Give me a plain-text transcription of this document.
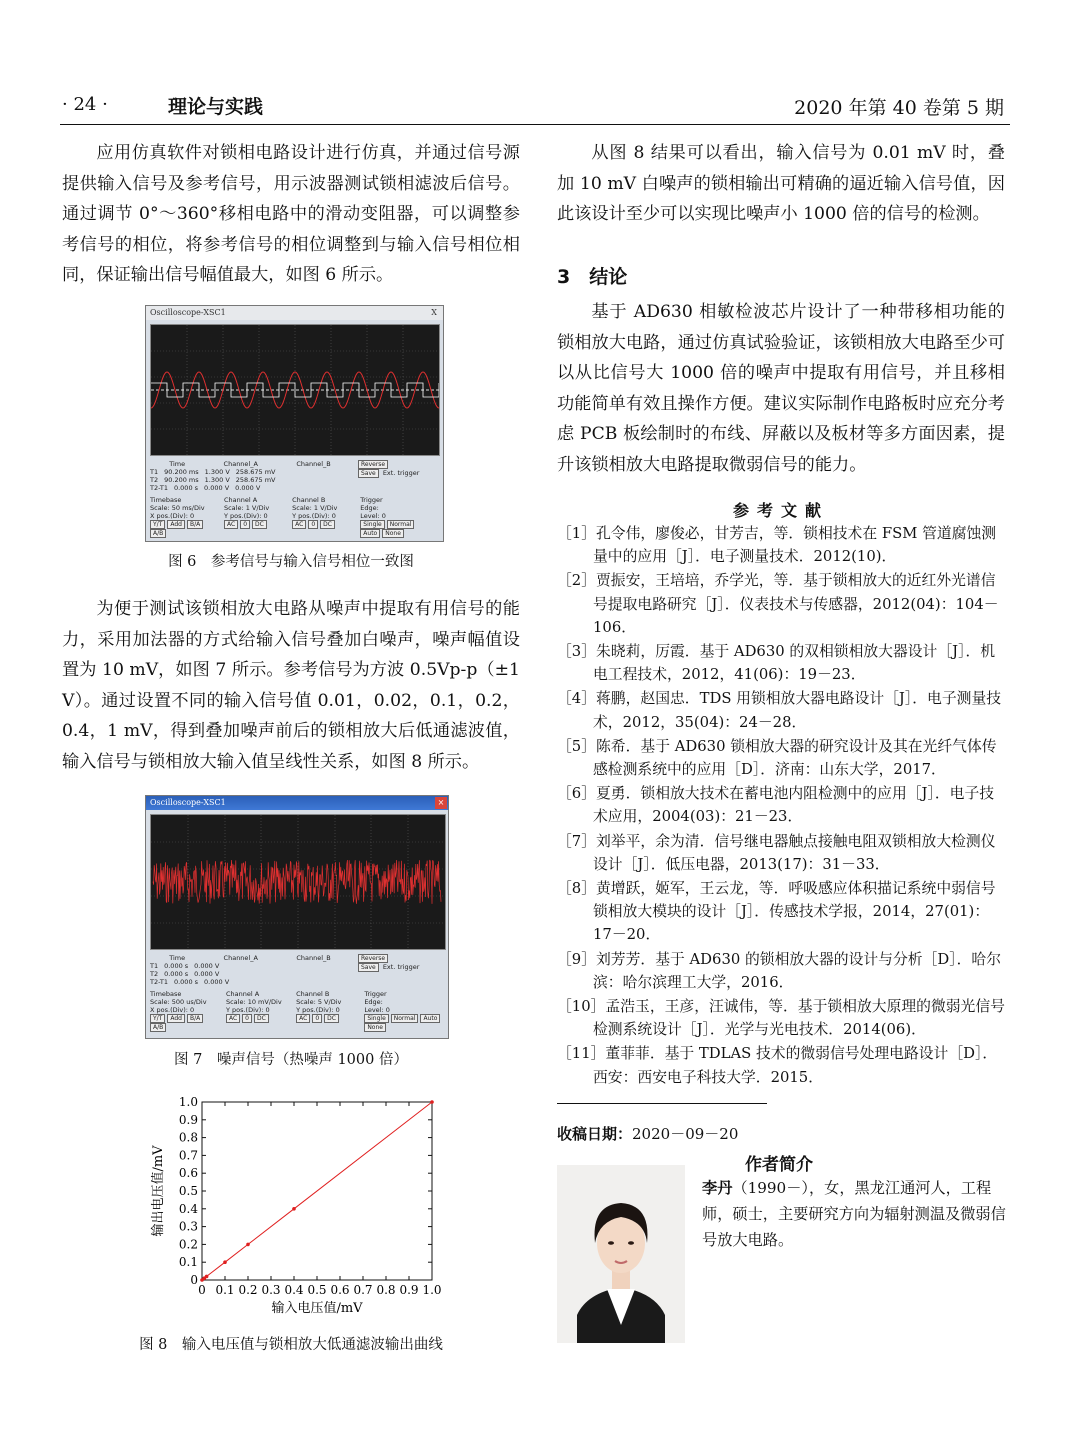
· 24 ·	理论与实践	2020 年第 40 卷第 5 期

应用仿真软件对锁相电路设计进行仿真，并通过信号源提供输入信号及参考信号，用示波器测试锁相滤波后信号。通过调节 0°～360°移相电路中的滑动变阻器，可以调整参考信号的相位，将参考信号的相位调整到与输入信号相位相同，保证输出信号幅值最大，如图 6 所示。

Oscilloscope-XSC1	X
Time	Channel_A	Channel_B
T1 90.200 ms 1.300 V 258.675 mV
T2 90.200 ms 1.300 V 258.675 mV
T2-T1 0.000 s 0.000 V 0.000 V
Reverse
Save Ext. trigger
Timebase
Scale: 50 ms/Div
X pos.(Div): 0
Y/T Add B/AA/B
Channel A
Scale: 1 V/Div
Y pos.(Div): 0
AC 0 DC
Channel B
Scale: 1 V/Div
Y pos.(Div): 0
AC 0 DC
Trigger
Edge:
Level: 0
Single NormalAuto None
图 6　参考信号与输入信号相位一致图

为便于测试该锁相放大电路从噪声中提取有用信号的能力，采用加法器的方式给输入信号叠加白噪声，噪声幅值设置为 10 mV，如图 7 所示。参考信号为方波 0.5Vp-p（±1 V）。通过设置不同的输入信号值 0.01，0.02，0.1，0.2，0.4，1 mV，得到叠加噪声前后的锁相放大后低通滤波值，输入信号与锁相放大输入值呈线性关系，如图 8 所示。

Oscilloscope-XSC1	×
Time	Channel_A	Channel_B
T1 0.000 s 0.000 V
T2 0.000 s 0.000 V
T2-T1 0.000 s 0.000 V
Reverse
Save Ext. trigger
Timebase
Scale: 500 us/Div
X pos.(Div): 0
Y/T Add B/AA/B
Channel A
Scale: 10 mV/Div
Y pos.(Div): 0
AC 0 DC
Channel B
Scale: 5 V/Div
Y pos.(Div): 0
AC 0 DC
Trigger
Edge:
Level: 0
Single Normal AutoNone
图 7　噪声信号（热噪声 1000 倍）
0 0.1 0.2 0.3 0.4 0.5 0.6 0.7 0.8 0.9 1.0
0
0.1
0.2
0.3
0.4
0.5
0.6
0.7
0.8
0.9
1.0
输入电压值/mV
输出电压值/mV
图 8　输入电压值与锁相放大低通滤波输出曲线

从图 8 结果可以看出，输入信号为 0.01 mV 时，叠加 10 mV 白噪声的锁相输出可精确的逼近输入信号值，因此该设计至少可以实现比噪声小 1000 倍的信号的检测。

3　结论

基于 AD630 相敏检波芯片设计了一种带移相功能的锁相放大电路，通过仿真试验验证，该锁相放大电路至少可以从比信号大 1000 倍的噪声中提取有用信号，并且移相功能简单有效且操作方便。建议实际制作电路板时应充分考虑 PCB 板绘制时的布线、屏蔽以及板材等多方面因素，提升该锁相放大电路提取微弱信号的能力。

参考文献

［1］孔令伟，廖俊必，甘芳吉，等．锁相技术在 FSM 管道腐蚀测量中的应用［J］．电子测量技术．2012(10)．

［2］贾振安，王培培，乔学光，等．基于锁相放大的近红外光谱信号提取电路研究［J］．仪表技术与传感器，2012(04)：104－106．

［3］朱晓莉，厉霞．基于 AD630 的双相锁相放大器设计［J］．机电工程技术，2012，41(06)：19－23．

［4］蒋鹏，赵国忠．TDS 用锁相放大器电路设计［J］．电子测量技术，2012，35(04)：24－28．

［5］陈希．基于 AD630 锁相放大器的研究设计及其在光纤气体传感检测系统中的应用［D］．济南：山东大学，2017．

［6］夏勇．锁相放大技术在蓄电池内阻检测中的应用［J］．电子技术应用，2004(03)：21－23．

［7］刘举平，余为清．信号继电器触点接触电阻双锁相放大检测仪设计［J］．低压电器，2013(17)：31－33．

［8］黄增跃，姬军，王云龙，等．呼吸感应体积描记系统中弱信号锁相放大模块的设计［J］．传感技术学报，2014，27(01)：17－20．

［9］刘芳芳．基于 AD630 的锁相放大器的设计与分析［D］．哈尔滨：哈尔滨理工大学，2016．

［10］孟浩玉，王彦，汪诚伟，等．基于锁相放大原理的微弱光信号检测系统设计［J］．光学与光电技术．2014(06)．

［11］董菲菲．基于 TDLAS 技术的微弱信号处理电路设计［D］．西安：西安电子科技大学．2015．

收稿日期：2020－09－20
作者简介
李丹（1990－），女，黑龙江通河人，工程师，硕士，主要研究方向为辐射测温及微弱信号放大电路。
